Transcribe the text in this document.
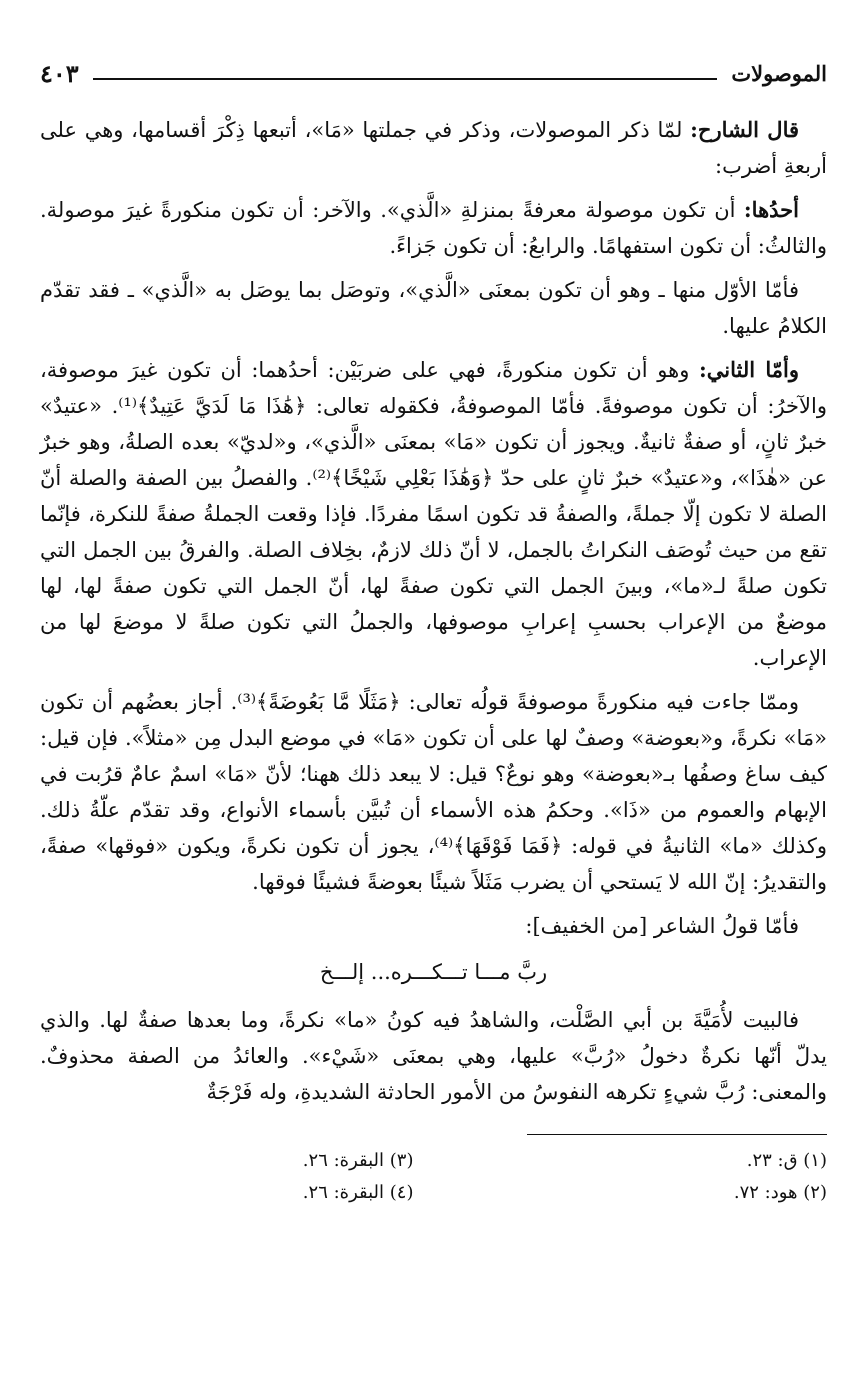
الموصولات
٤٠٣

قال الشارح: لمّا ذكر الموصولات، وذكر في جملتها «مَا»، أتبعها ذِكْرَ أقسامها، وهي على أربعةِ أضرب:

أحدُها: أن تكون موصولة معرفةً بمنزلةِ «الَّذي». والآخر: أن تكون منكورةً غيرَ موصولة. والثالثُ: أن تكون استفهامًا. والرابعُ: أن تكون جَزاءً.

فأمّا الأوّل منها ـ وهو أن تكون بمعنَى «الَّذي»، وتوصَل بما يوصَل به «الَّذي» ـ فقد تقدّم الكلامُ عليها.

وأمّا الثاني: وهو أن تكون منكورةً، فهي على ضربَيْن: أحدُهما: أن تكون غيرَ موصوفة، والآخرُ: أن تكون موصوفةً. فأمّا الموصوفةُ، فكقوله تعالى: ﴿هَٰذَا مَا لَدَيَّ عَتِيدٌ﴾⁽¹⁾. «عتيدٌ» خبرٌ ثانٍ، أو صفةٌ ثانيةٌ. ويجوز أن تكون «مَا» بمعنَى «الَّذي»، و«لديّ» بعده الصلةُ، وهو خبرٌ عن «هٰذَا»، و«عتيدٌ» خبرٌ ثانٍ على حدّ ﴿وَهَٰذَا بَعْلِي شَيْخًا﴾⁽²⁾. والفصلُ بين الصفة والصلة أنّ الصلة لا تكون إلّا جملةً، والصفةُ قد تكون اسمًا مفردًا. فإذا وقعت الجملةُ صفةً للنكرة، فإنّما تقع من حيث تُوصَف النكراتُ بالجمل، لا أنّ ذلك لازمٌ، بخِلاف الصلة. والفرقُ بين الجمل التي تكون صلةً لـ«ما»، وبينَ الجمل التي تكون صفةً لها، أنّ الجمل التي تكون صفةً لها، لها موضعٌ من الإعراب بحسبِ إعرابِ موصوفها، والجملُ التي تكون صلةً لا موضعَ لها من الإعراب.

وممّا جاءت فيه منكورةً موصوفةً قولُه تعالى: ﴿مَثَلًا مَّا بَعُوضَةً﴾⁽³⁾. أجاز بعضُهم أن تكون «مَا» نكرةً، و«بعوضة» وصفٌ لها على أن تكون «مَا» في موضع البدل مِن «مثلاً». فإن قيل: كيف ساغ وصفُها بـ«بعوضة» وهو نوعٌ؟ قيل: لا يبعد ذلك ههنا؛ لأنّ «مَا» اسمٌ عامٌ قرُبت في الإبهام والعموم من «ذَا». وحكمُ هذه الأسماء أن تُبيَّن بأسماء الأنواع، وقد تقدّم علّةُ ذلك. وكذلك «ما» الثانيةُ في قوله: ﴿فَمَا فَوْقَهَا﴾⁽⁴⁾، يجوز أن تكون نكرةً، ويكون «فوقها» صفةً، والتقديرُ: إنّ الله لا يَستحي أن يضرب مَثَلاً شيئًا بعوضةً فشيئًا فوقها.

فأمّا قولُ الشاعر [من الخفيف]:

ربَّ مـــا تـــكـــره... إلـــخ

فالبيت لأُمَيَّةَ بن أبي الصَّلْت، والشاهدُ فيه كونُ «ما» نكرةً، وما بعدها صفةٌ لها. والذي يدلّ أنّها نكرةٌ دخولُ «رُبَّ» عليها، وهي بمعنَى «شَيْء». والعائدُ من الصفة محذوفٌ. والمعنى: رُبَّ شيءٍ تكرهه النفوسُ من الأمور الحادثة الشديدةِ، وله فَرْجَةٌ

(١) ق: ٢٣.
(٣) البقرة: ٢٦.
(٢) هود: ٧٢.
(٤) البقرة: ٢٦.
